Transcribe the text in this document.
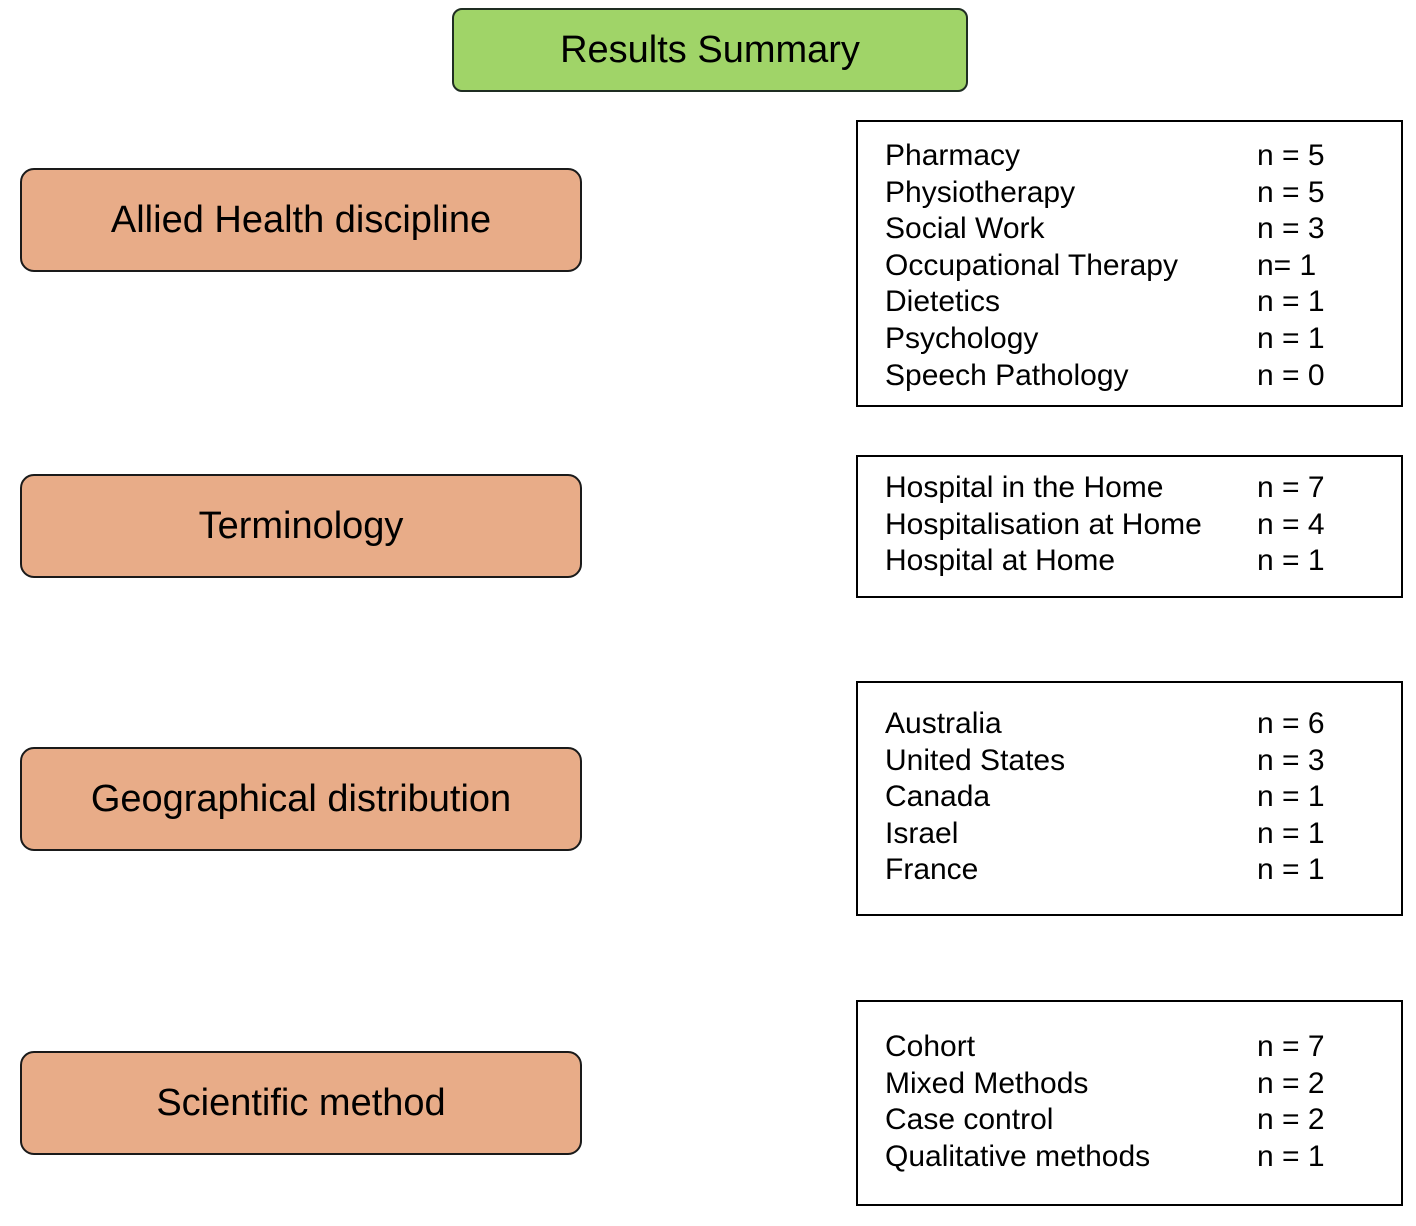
Results Summary
Allied Health discipline
Pharmacy	n = 5
Physiotherapy	n = 5
Social Work	n = 3
Occupational Therapy	n= 1
Dietetics	n = 1
Psychology	n = 1
Speech Pathology	n = 0
Terminology
Hospital in the Home	n = 7
Hospitalisation at Home n = 4
Hospital at Home	n = 1
Geographical distribution
Australia	n = 6
United States	n = 3
Canada	n = 1
Israel	n = 1
France	n = 1
Scientific method
Cohort	n = 7
Mixed Methods	n = 2
Case control	n = 2
Qualitative methods	n = 1
